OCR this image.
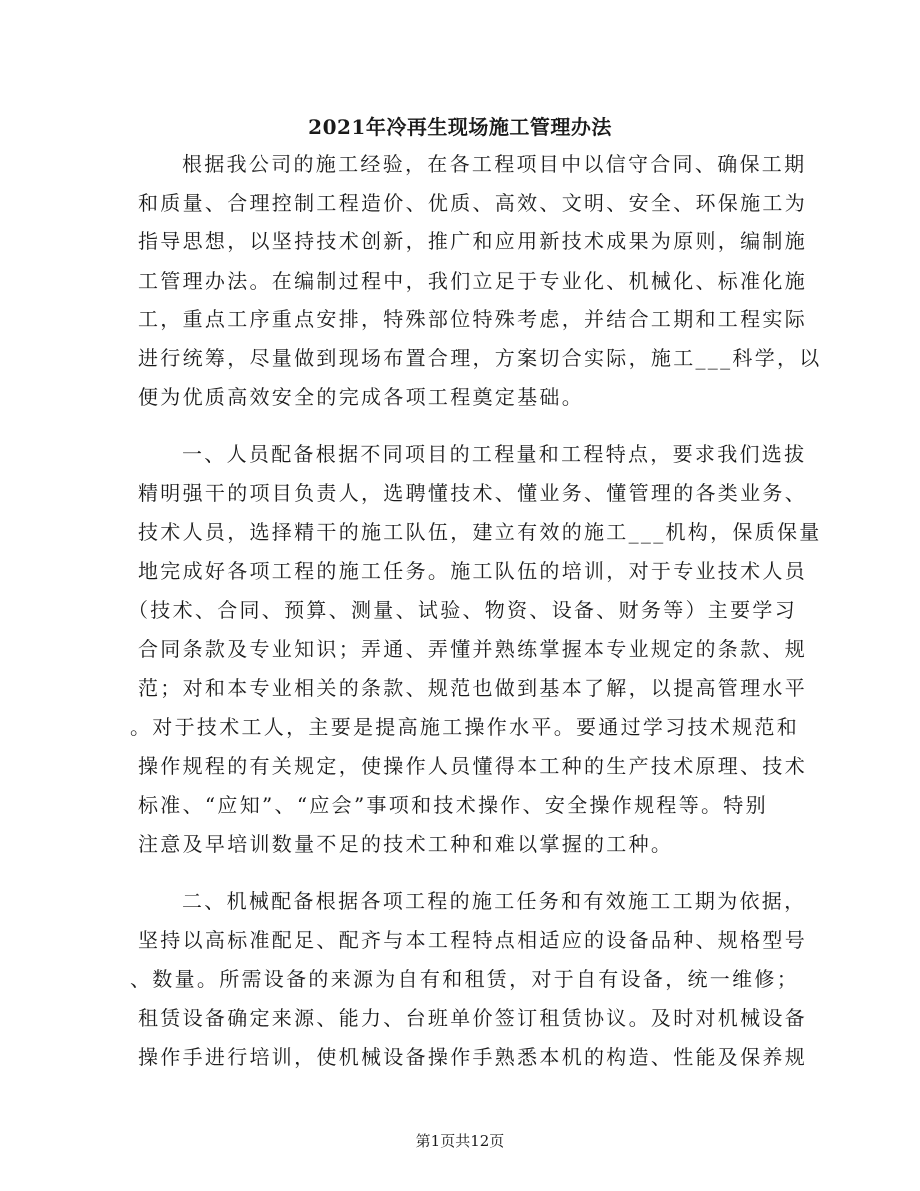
2021年冷再生现场施工管理办法
根据我公司的施工经验，在各工程项目中以信守合同、确保工期
和质量、合理控制工程造价、优质、高效、文明、安全、环保施工为
指导思想，以坚持技术创新，推广和应用新技术成果为原则，编制施
工管理办法。在编制过程中，我们立足于专业化、机械化、标准化施
工，重点工序重点安排，特殊部位特殊考虑，并结合工期和工程实际
进行统筹，尽量做到现场布置合理，方案切合实际，施工___科学，以
便为优质高效安全的完成各项工程奠定基础。
一、人员配备根据不同项目的工程量和工程特点，要求我们选拔
精明强干的项目负责人，选聘懂技术、懂业务、懂管理的各类业务、
技术人员，选择精干的施工队伍，建立有效的施工___机构，保质保量
地完成好各项工程的施工任务。施工队伍的培训，对于专业技术人员
（技术、合同、预算、测量、试验、物资、设备、财务等）主要学习
合同条款及专业知识；弄通、弄懂并熟练掌握本专业规定的条款、规
范；对和本专业相关的条款、规范也做到基本了解，以提高管理水平
。对于技术工人，主要是提高施工操作水平。要通过学习技术规范和
操作规程的有关规定，使操作人员懂得本工种的生产技术原理、技术
标准、“应知”、“应会”事项和技术操作、安全操作规程等。特别
注意及早培训数量不足的技术工种和难以掌握的工种。
二、机械配备根据各项工程的施工任务和有效施工工期为依据，
坚持以高标准配足、配齐与本工程特点相适应的设备品种、规格型号
、数量。所需设备的来源为自有和租赁，对于自有设备，统一维修；
租赁设备确定来源、能力、台班单价签订租赁协议。及时对机械设备
操作手进行培训，使机械设备操作手熟悉本机的构造、性能及保养规
第1页共12页
